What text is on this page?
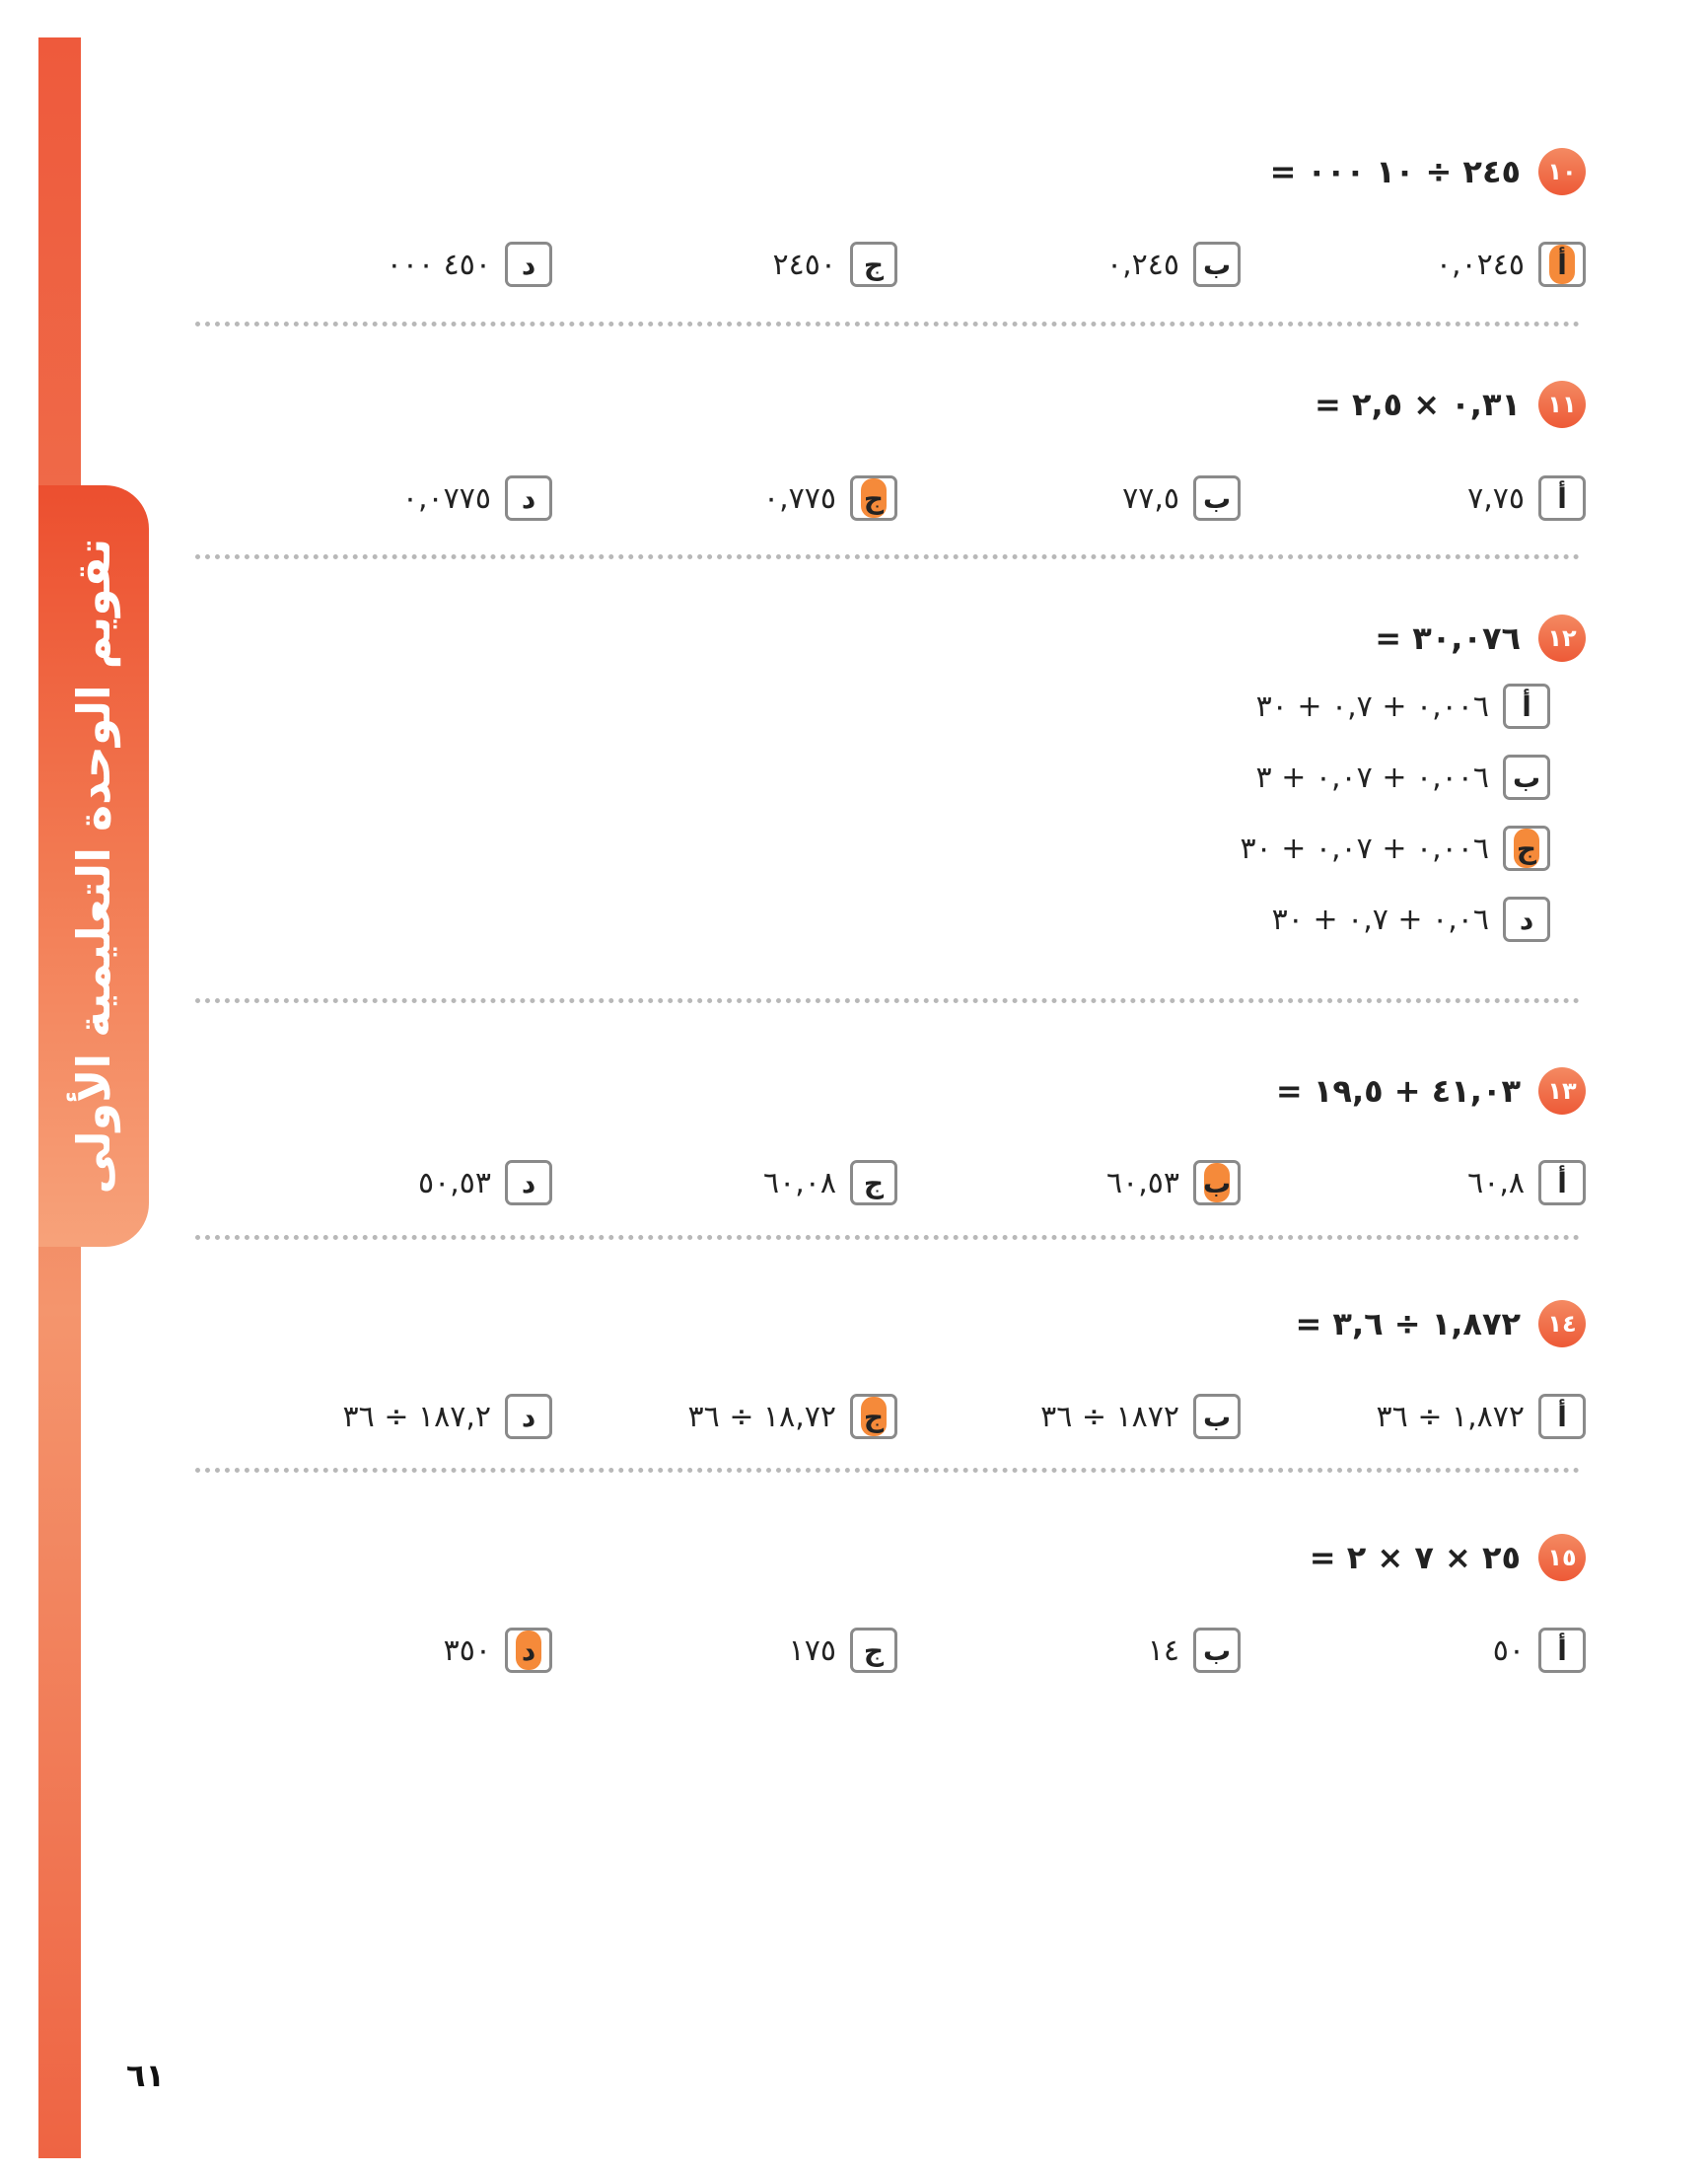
تقويم الوحدة التعليمية الأولى
١٠
٢٤٥ ÷ ١٠ ٠٠٠ =
أ
٠,٠٢٤٥
ب
٠,٢٤٥
ج
٢٤٥٠
د
٤٥٠ ٠٠٠
١١
٠,٣١ × ٢,٥ =
أ
٧,٧٥
ب
٧٧,٥
ج
٠,٧٧٥
د
٠,٠٧٧٥
١٢
٣٠,٠٧٦ =
أ
٠,٠٠٦ + ٠,٧ + ٣٠
ب
٠,٠٠٦ + ٠,٠٧ + ٣
ج
٠,٠٠٦ + ٠,٠٧ + ٣٠
د
٠,٠٦ + ٠,٧ + ٣٠
١٣
٤١,٠٣ + ١٩,٥ =
أ
٦٠,٨
ب
٦٠,٥٣
ج
٦٠,٠٨
د
٥٠,٥٣
١٤
١,٨٧٢ ÷ ٣,٦ =
أ
١,٨٧٢ ÷ ٣٦
ب
١٨٧٢ ÷ ٣٦
ج
١٨,٧٢ ÷ ٣٦
د
١٨٧,٢ ÷ ٣٦
١٥
٢٥ × ٧ × ٢ =
أ
٥٠
ب
١٤
ج
١٧٥
د
٣٥٠
٦١
